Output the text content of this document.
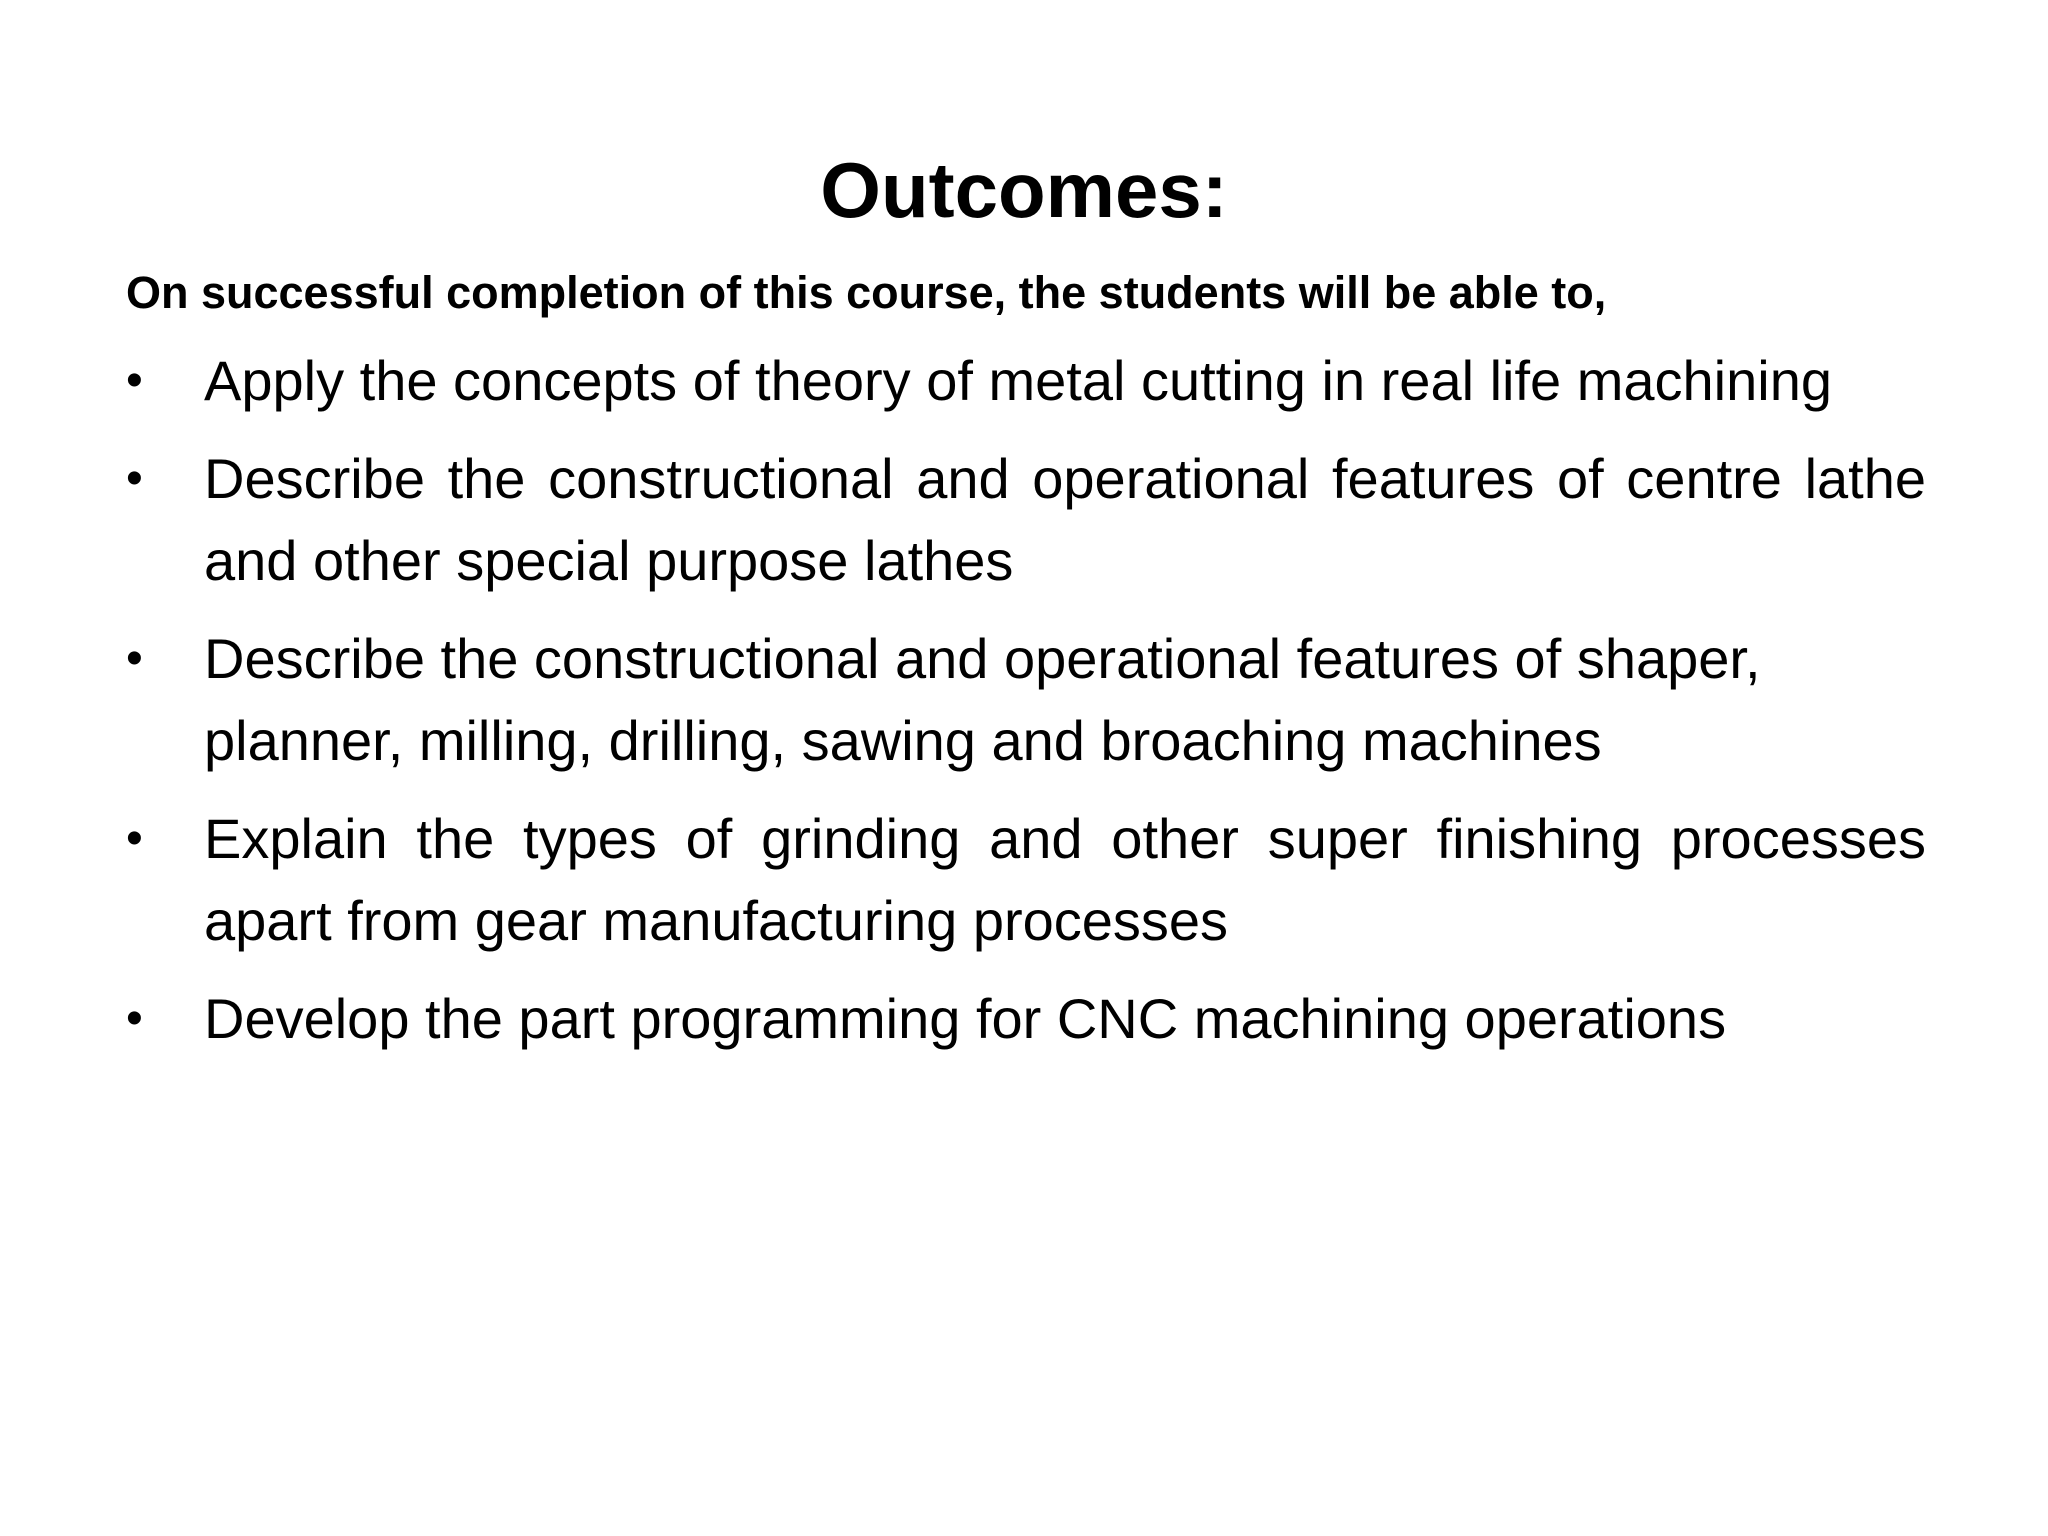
Outcomes:
On successful completion of this course, the students will be able to,
• Apply the concepts of theory of metal cutting in real life machining
• Describe the constructional and operational features of centre lathe and other special purpose lathes
• Describe the constructional and operational features of shaper, planner, milling, drilling, sawing and broaching machines
• Explain the types of grinding and other super finishing processes apart from gear manufacturing processes
• Develop the part programming for CNC machining operations
